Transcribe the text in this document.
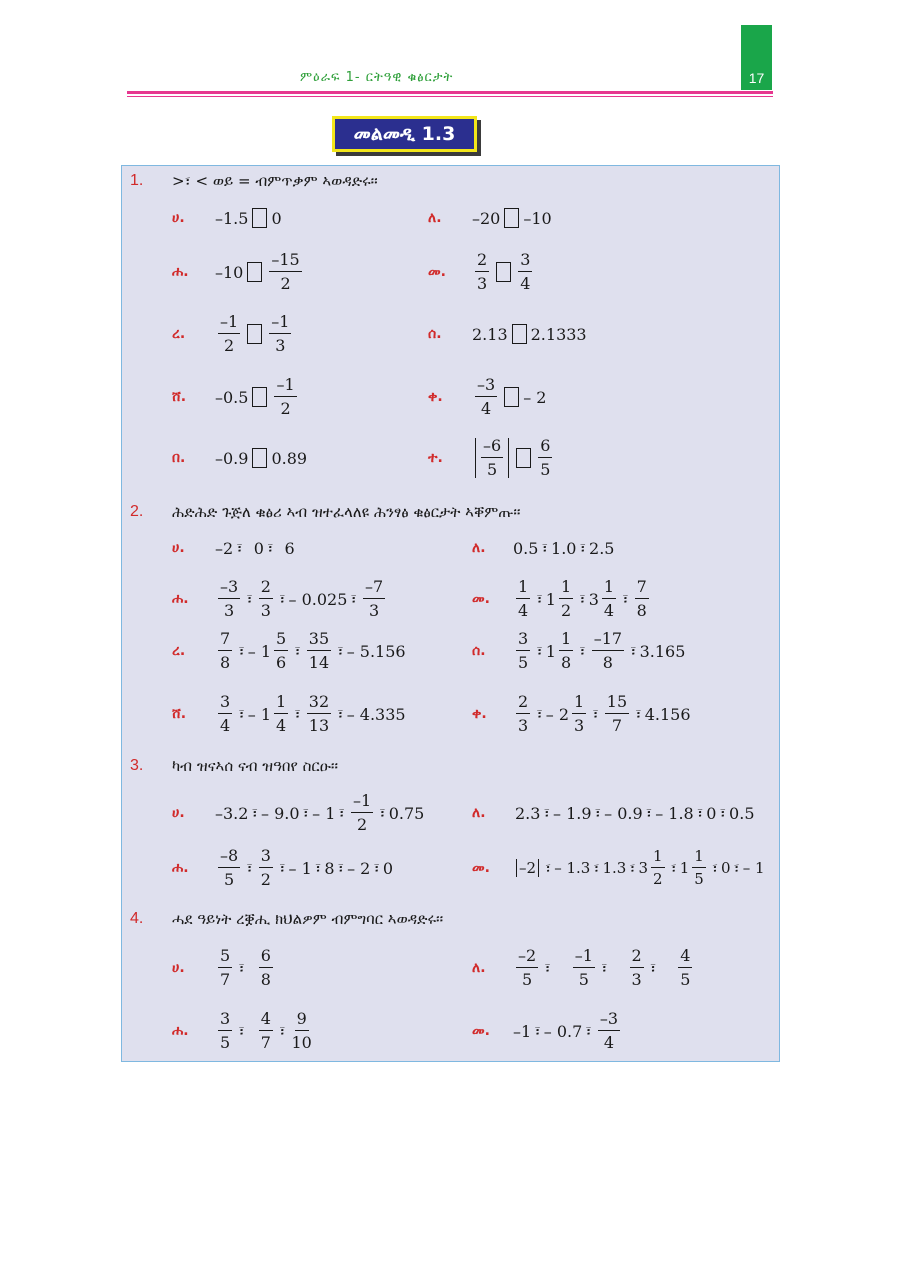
17
ምዕራፍ 1- ርትዓዊ ቁፅርታት
መልመዲ 1.3
1. >፣ < ወይ = ብምጥቃም ኣወዳድሩ፡፡
ሀ. –1.5 0	ለ. –20 –10
ሐ. $-10 \frac{-15}{2}$	መ. $\frac{2}{3} \frac{3}{4}$
ረ. $\frac{-1}{2} \frac{-1}{3}$	ሰ. 2.13 2.1333
ሸ. $-0.5 \frac{-1}{2}$	ቀ. $\frac{-3}{4} - 2$
በ. –0.9 0.89	ተ. $\frac{-6}{5} \frac{6}{5}$
2. ሕድሕድ ጉጅለ ቁፅሪ ኣብ ዝተፈላለዩ ሕንፃፅ ቁፅርታት ኣቐምጡ፡፡
ሀ. –2 ፣ 0 ፣ 6	ለ. 0.5 ፣ 1.0 ፣ 2.5
ሐ. $\frac{-3}{3}$ ፣ $\frac{2}{3}$ ፣ – 0.025 ፣ $\frac{-7}{3}$	መ. $\frac{1}{4}$ ፣ $1 \frac{1}{2}$ ፣ $3 \frac{1}{4}$ ፣ $\frac{7}{8}$
ረ. $\frac{7}{8}$ ፣ – $1 \frac{5}{6}$ ፣ $\frac{35}{14}$ ፣ – 5.156	ሰ. $\frac{3}{5}$ ፣ $1 \frac{1}{8}$ ፣ $\frac{-17}{8}$ ፣ 3.165
ሸ. $\frac{3}{4}$ ፣ – $1 \frac{1}{4}$ ፣ $\frac{32}{13}$ ፣ – 4.335	ቀ. $\frac{2}{3}$ ፣ – $2 \frac{1}{3}$ ፣ $\frac{15}{7}$ ፣ 4.156
3. ካብ ዝናኣሰ ናብ ዝዓበየ ስርዑ፡፡
ሀ. –3.2 ፣ – 9.0 ፣ – 1 ፣ $\frac{-1}{2}$ ፣ 0.75	ለ. 2.3 ፣ – 1.9 ፣ – 0.9 ፣ – 1.8 ፣ 0 ፣ 0.5
ሐ. $\frac{-8}{5}$ ፣ $\frac{3}{2}$ ፣ – 1 ፣ 8 ፣ – 2 ፣ 0	መ. –2 ፣ – 1.3 ፣ 1.3 ፣ $3 \frac{1}{2}$ ፣ $1 \frac{1}{5}$ ፣ 0 ፣ – 1
4. ሓደ ዓይነት ረቛሒ ክህልዎም ብምግባር ኣወዳድሩ፡፡
ሀ. $\frac{5}{7}$ ፣ $\frac{6}{8}$	ለ. $\frac{-2}{5}$ ፣ $\frac{-1}{5}$ ፣ $\frac{2}{3}$ ፣ $\frac{4}{5}$
ሐ. $\frac{3}{5}$ ፣ $\frac{4}{7}$ ፣ $\frac{9}{10}$	መ. –1 ፣ – 0.7 ፣ $\frac{-3}{4}$
